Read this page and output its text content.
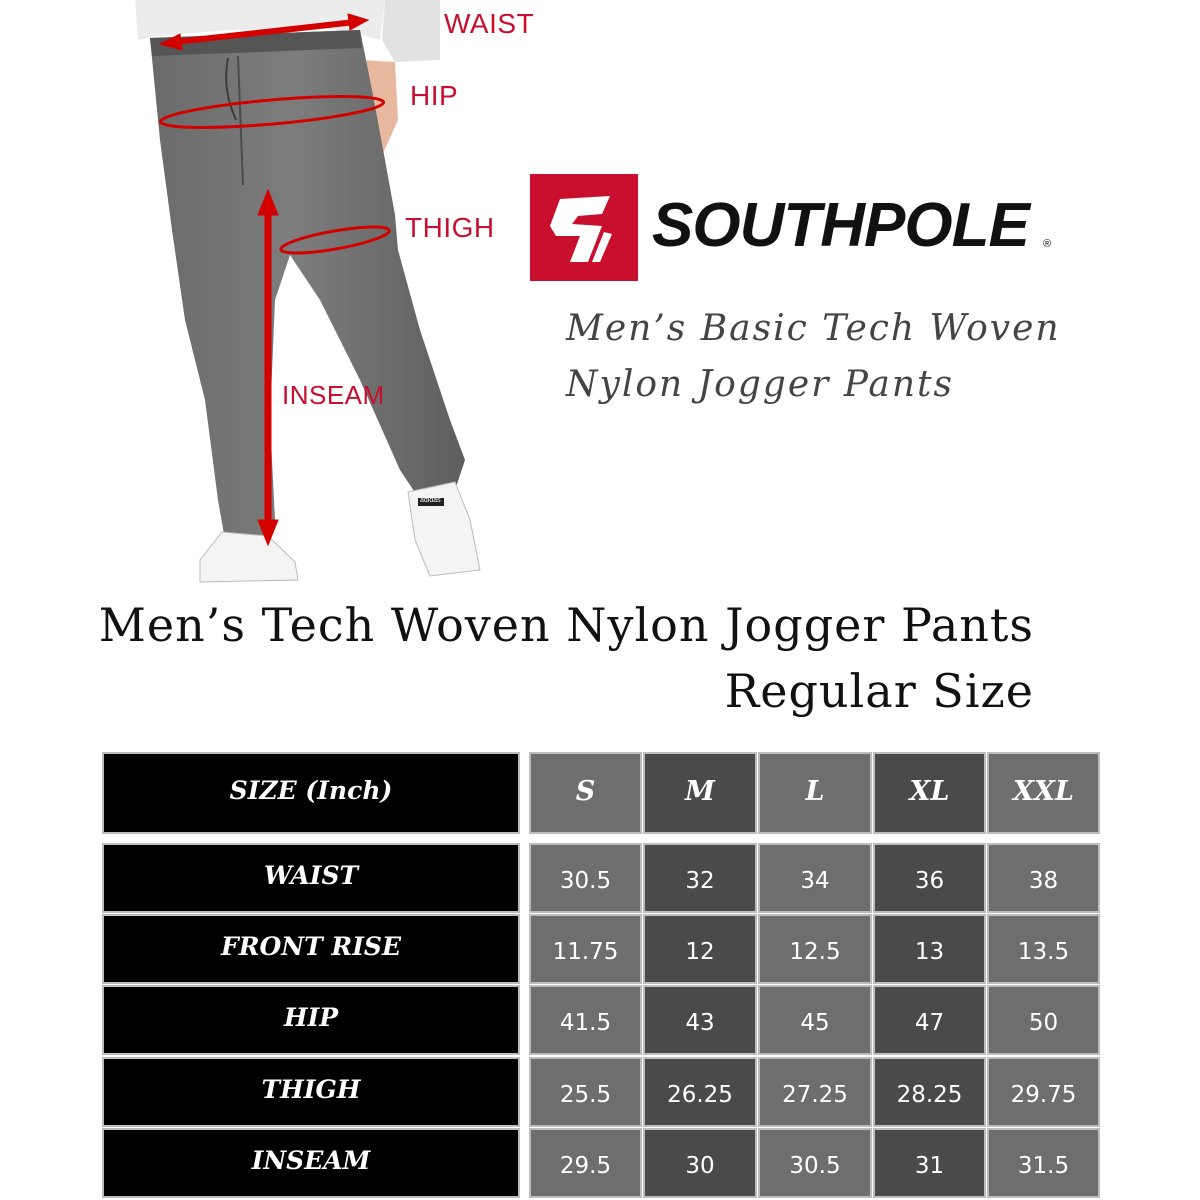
WAIST
HIP
THIGH
INSEAM
adidas
SOUTHPOLE ®
Men’s Basic Tech Woven
Nylon Jogger Pants
Men’s Tech Woven Nylon Jogger Pants
Regular Size
SIZE (Inch)	S	M	L	XL	XXL
WAIST	30.5	32	34	36	38
FRONT RISE	11.75	12	12.5	13	13.5
HIP	41.5	43	45	47	50
THIGH	25.5	26.25	27.25	28.25	29.75
INSEAM	29.5	30	30.5	31	31.5
